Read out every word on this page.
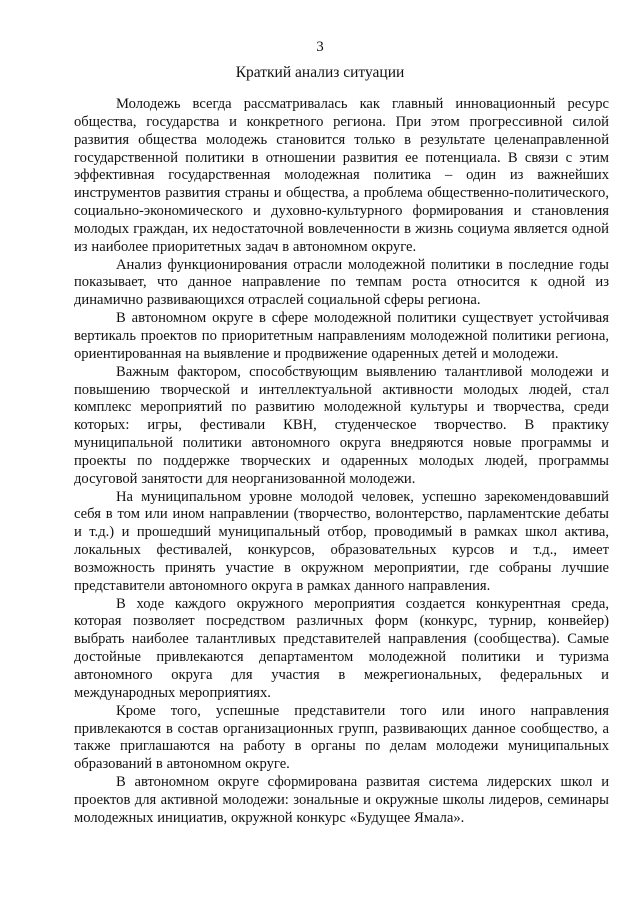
3
Краткий анализ ситуации

Молодежь всегда рассматривалась как главный инновационный ресурс общества, государства и конкретного региона. При этом прогрессивной силой развития общества молодежь становится только в результате целенаправленной государственной политики в отношении развития ее потенциала. В связи с этим эффективная государственная молодежная политика – один из важнейших инструментов развития страны и общества, а проблема общественно-политического, социально-экономического и духовно-культурного формирования и становления молодых граждан, их недостаточной вовлеченности в жизнь социума является одной из наиболее приоритетных задач в автономном округе.

Анализ функционирования отрасли молодежной политики в последние годы показывает, что данное направление по темпам роста относится к одной из динамично развивающихся отраслей социальной сферы региона.

В автономном округе в сфере молодежной политики существует устойчивая вертикаль проектов по приоритетным направлениям молодежной политики региона, ориентированная на выявление и продвижение одаренных детей и молодежи.

Важным фактором, способствующим выявлению талантливой молодежи и повышению творческой и интеллектуальной активности молодых людей, стал комплекс мероприятий по развитию молодежной культуры и творчества, среди которых: игры, фестивали КВН, студенческое творчество. В практику муниципальной политики автономного округа внедряются новые программы и проекты по поддержке творческих и одаренных молодых людей, программы досуговой занятости для неорганизованной молодежи.

На муниципальном уровне молодой человек, успешно зарекомендовавший себя в том или ином направлении (творчество, волонтерство, парламентские дебаты и т.д.) и прошедший муниципальный отбор, проводимый в рамках школ актива, локальных фестивалей, конкурсов, образовательных курсов и т.д., имеет возможность принять участие в окружном мероприятии, где собраны лучшие представители автономного округа в рамках данного направления.

В ходе каждого окружного мероприятия создается конкурентная среда, которая позволяет посредством различных форм (конкурс, турнир, конвейер) выбрать наиболее талантливых представителей направления (сообщества). Самые достойные привлекаются департаментом молодежной политики и туризма автономного округа для участия в межрегиональных, федеральных и международных мероприятиях.

Кроме того, успешные представители того или иного направления привлекаются в состав организационных групп, развивающих данное сообщество, а также приглашаются на работу в органы по делам молодежи муниципальных образований в автономном округе.

В автономном округе сформирована развитая система лидерских школ и проектов для активной молодежи: зональные и окружные школы лидеров, семинары молодежных инициатив, окружной конкурс «Будущее Ямала».
